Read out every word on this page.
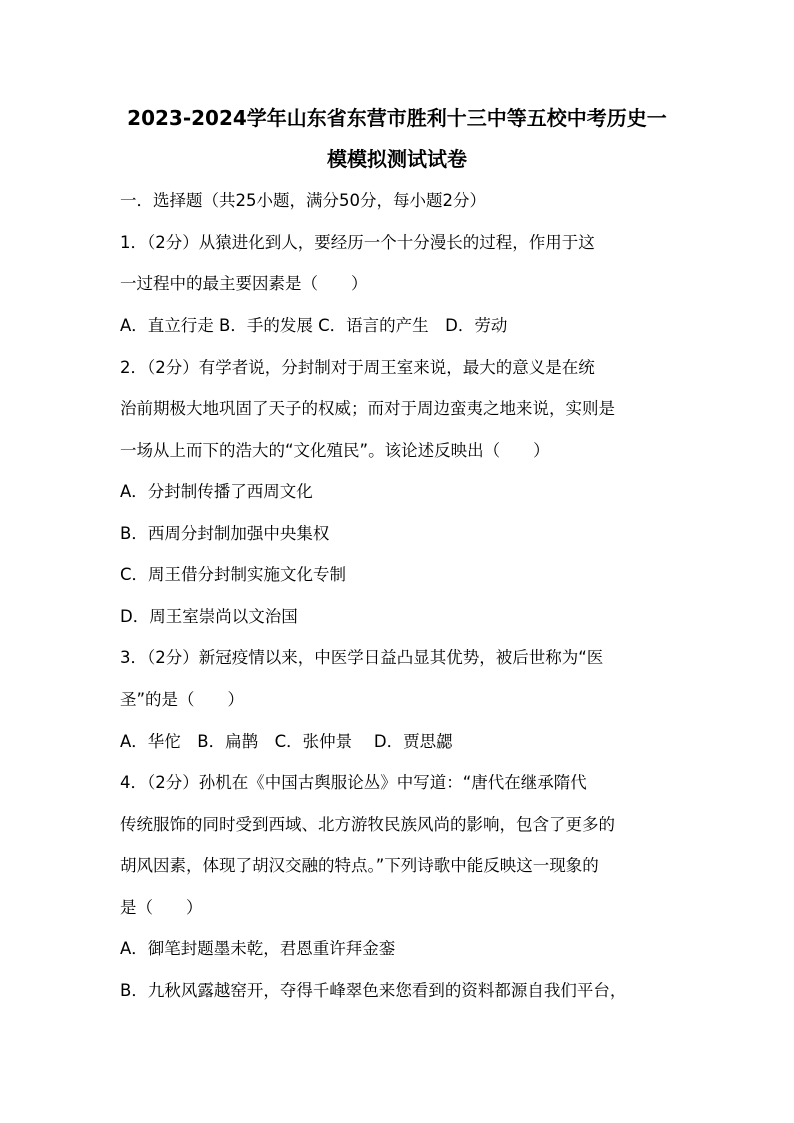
2023-2024学年山东省东营市胜利十三中等五校中考历史一
模模拟测试试卷
一．选择题（共25小题，满分50分，每小题2分）
1．（2分）从猿进化到人，要经历一个十分漫长的过程，作用于这
一过程中的最主要因素是（　　）
A．直立行走 B．手的发展 C．语言的产生　D．劳动
2．（2分）有学者说，分封制对于周王室来说，最大的意义是在统
治前期极大地巩固了天子的权威；而对于周边蛮夷之地来说，实则是
一场从上而下的浩大的“文化殖民”。该论述反映出（　　）
A．分封制传播了西周文化
B．西周分封制加强中央集权
C．周王借分封制实施文化专制
D．周王室崇尚以文治国
3．（2分）新冠疫情以来，中医学日益凸显其优势，被后世称为“医
圣”的是（　　）
A．华佗　B．扁鹊　C．张仲景　 D．贾思勰
4．（2分）孙机在《中国古舆服论丛》中写道：“唐代在继承隋代
传统服饰的同时受到西域、北方游牧民族风尚的影响，包含了更多的
胡风因素，体现了胡汉交融的特点。”下列诗歌中能反映这一现象的
是（　　）
A．御笔封题墨未乾，君恩重许拜金銮
B．九秋风露越窑开，夺得千峰翠色来您看到的资料都源自我们平台，
